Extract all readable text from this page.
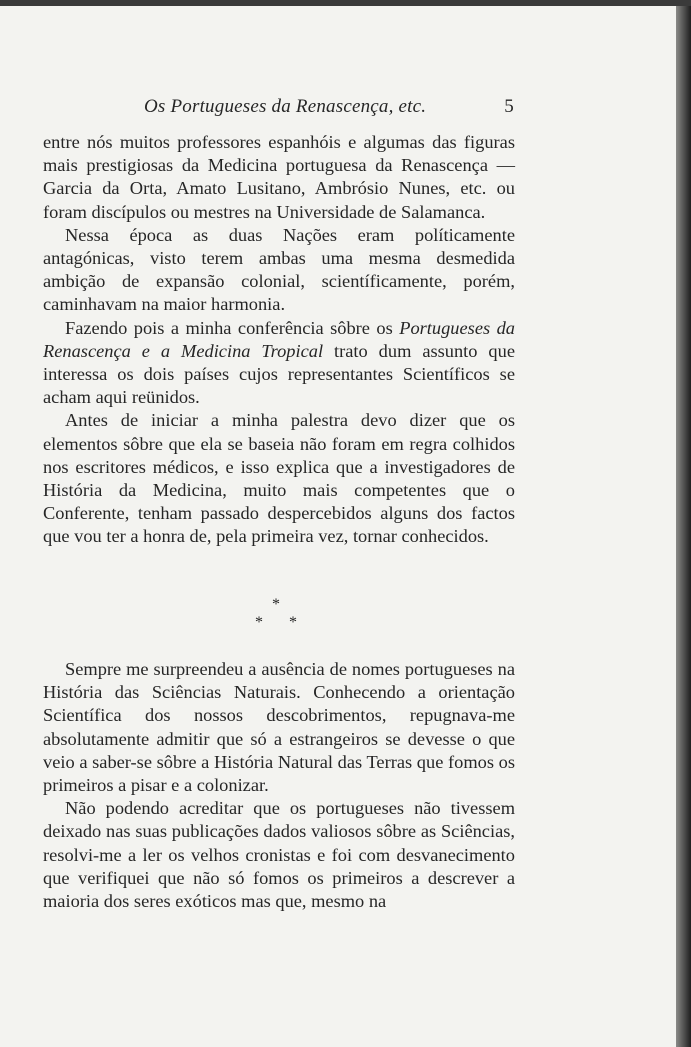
Os Portugueses da Renascença, etc.	5

entre nós muitos professores espanhóis e algumas das figuras mais prestigiosas da Medicina portuguesa da Renascença — Garcia da Orta, Amato Lusitano, Ambrósio Nunes, etc. ou foram discípulos ou mestres na Universidade de Salamanca.

Nessa época as duas Nações eram políticamente antagónicas, visto terem ambas uma mesma desmedida ambição de expansão colonial, scientíficamente, porém, caminhavam na maior harmonia.

Fazendo pois a minha conferência sôbre os Portugueses da Renascença e a Medicina Tropical trato dum assunto que interessa os dois países cujos representantes Scientíficos se acham aqui reünidos.

Antes de iniciar a minha palestra devo dizer que os elementos sôbre que ela se baseia não foram em regra colhidos nos escritores médicos, e isso explica que a investigadores de História da Medicina, muito mais competentes que o Conferente, tenham passado despercebidos alguns dos factos que vou ter a honra de, pela primeira vez, tornar conhecidos.

*
* *

Sempre me surpreendeu a ausência de nomes portugueses na História das Sciências Naturais. Conhecendo a orientação Scientífica dos nossos descobrimentos, repugnava-me absolutamente admitir que só a estrangeiros se devesse o que veio a saber-se sôbre a História Natural das Terras que fomos os primeiros a pisar e a colonizar.

Não podendo acreditar que os portugueses não tivessem deixado nas suas publicações dados valiosos sôbre as Sciências, resolvi-me a ler os velhos cronistas e foi com desvanecimento que verifiquei que não só fomos os primeiros a descrever a maioria dos seres exóticos mas que, mesmo na
